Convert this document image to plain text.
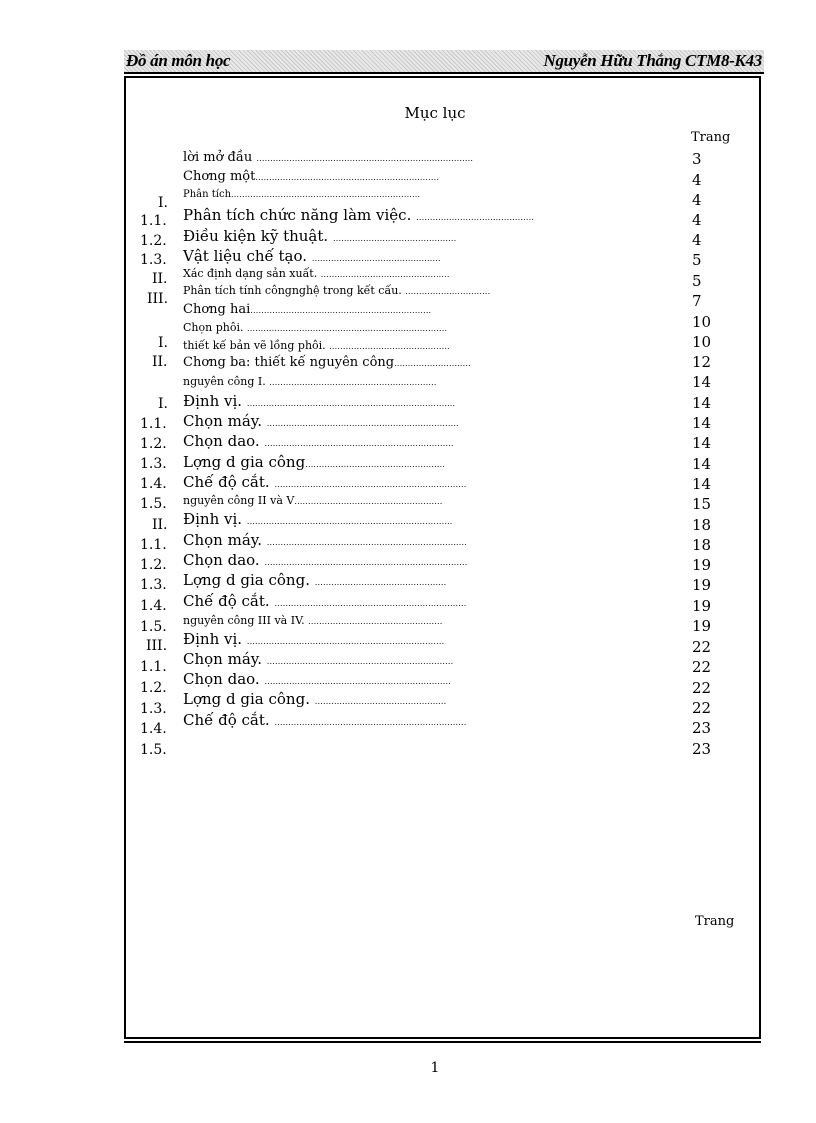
Đồ án môn học	Nguyễn Hữu Thắng CTM8-K43
Mục lục
Trang
I.
1.1.
1.2.
1.3.
II.
III.
I.
II.
I.
1.1.
1.2.
1.3.
1.4.
1.5.
II.
1.1.
1.2.
1.3.
1.4.
1.5.
III.
1.1.
1.2.
1.3.
1.4.
1.5.
lời mở đầu ...............................................................................
Chơng một...................................................................
Phân tích.....................................................................
Phân tích chức năng làm việc. ...........................................
Điều kiện kỹ thuật. .............................................
Vật liệu chế tạo. ...............................................
Xác định dạng sản xuất. ...............................................
Phân tích tính côngnghệ trong kết cấu. ...............................
Chơng hai..................................................................
Chọn phôi. .........................................................................
thiết kế bản vẽ lồng phôi. ............................................
Chơng ba: thiết kế nguyên công............................
nguyên công I. .............................................................
Định vị. ............................................................................
Chọn máy. ......................................................................
Chọn dao. .....................................................................
Lợng d gia công...................................................
Chế độ cắt. ......................................................................
nguyên công II và V......................................................
Định vị. ...........................................................................
Chọn máy. .........................................................................
Chọn dao. ..........................................................................
Lợng d gia công. ................................................
Chế độ cắt. ......................................................................
nguyên công III và IV. .................................................
Định vị. ........................................................................
Chọn máy. ....................................................................
Chọn dao. ....................................................................
Lợng d gia công. ................................................
Chế độ cắt. ......................................................................
3
4
4
4
4
5
5
7
10
10
12
14
14
14
14
14
14
15
18
18
19
19
19
19
22
22
22
22
23
23
Trang
1
